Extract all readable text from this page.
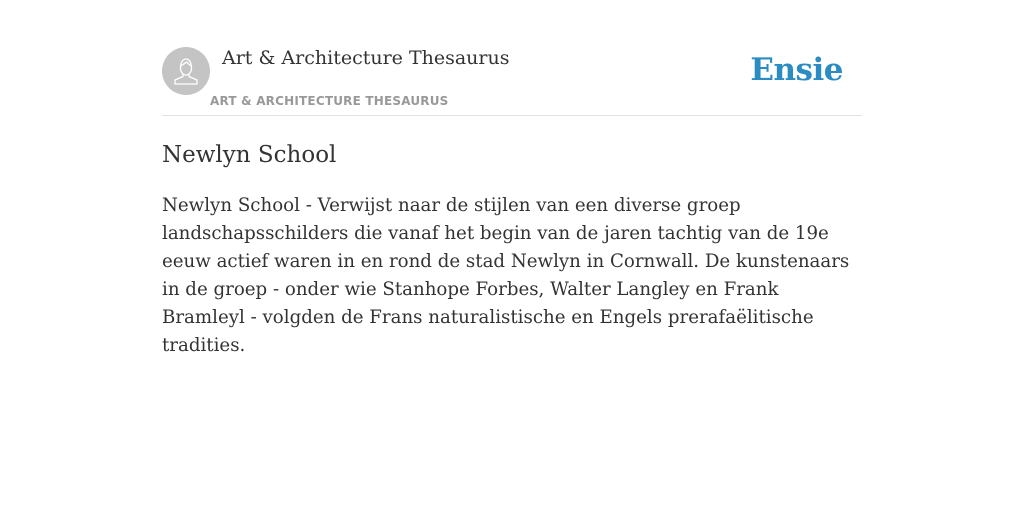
Art & Architecture Thesaurus
ART & ARCHITECTURE THESAURUS
Ensie
Newlyn School

Newlyn School - Verwijst naar de stijlen van een diverse groep landschapsschilders die vanaf het begin van de jaren tachtig van de 19e eeuw actief waren in en rond de stad Newlyn in Cornwall. De kunstenaars in de groep - onder wie Stanhope Forbes, Walter Langley en Frank Bramleyl - volgden de Frans naturalistische en Engels prerafaëlitische tradities.
